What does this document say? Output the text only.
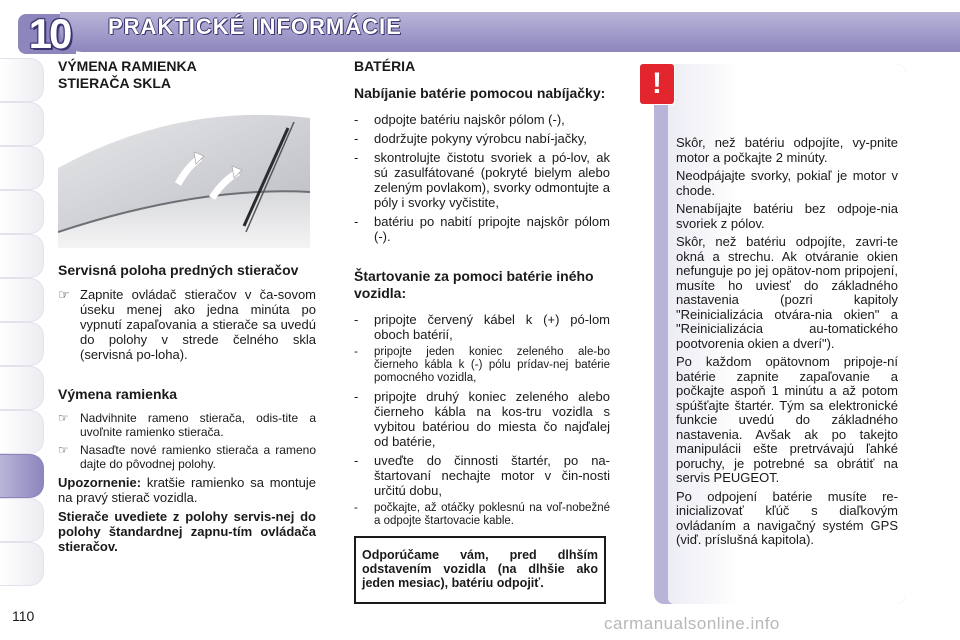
10	PRAKTICKÉ INFORMÁCIE
VÝMENA RAMIENKA
STIERAČA SKLA
Servisná poloha predných stieračov
☞ Zapnite ovládač stieračov v ča-sovom úseku menej ako jedna minúta po vypnutí zapaľovania a stierače sa uvedú do polohy v strede čelného skla (servisná po-loha).
Výmena ramienka
☞ Nadvihnite rameno stierača, odis-tite a uvoľnite ramienko stierača.
☞ Nasaďte nové ramienko stierača a rameno dajte do pôvodnej polohy.

Upozornenie: kratšie ramienko sa montuje na pravý stierač vozidla.

Stierače uvediete z polohy servis-nej do polohy štandardnej zapnu-tím ovládača stieračov.

BATÉRIA
Nabíjanie batérie pomocou nabíjačky:
- odpojte batériu najskôr pólom (-),
- dodržujte pokyny výrobcu nabí-jačky,
- skontrolujte čistotu svoriek a pó-lov, ak sú zasulfátované (pokryté bielym alebo zeleným povlakom), svorky odmontujte a póly i svorky vyčistite,
- batériu po nabití pripojte najskôr pólom (-).
Štartovanie za pomoci batérie iného vozidla:
- pripojte červený kábel k (+) pó-lom oboch batérií,
- pripojte jeden koniec zeleného ale-bo čierneho kábla k (-) pólu prídav-nej batérie pomocného vozidla,
- pripojte druhý koniec zeleného alebo čierneho kábla na kos-tru vozidla s vybitou batériou do miesta čo najďalej od batérie,
- uveďte do činnosti štartér, po na-štartovaní nechajte motor v čin-nosti určitú dobu,
- počkajte, až otáčky poklesnú na voľ-nobežné a odpojte štartovacie kable.
Odporúčame vám, pred dlhším odstavením vozidla (na dlhšie ako jeden mesiac), batériu odpojiť.
!

Skôr, než batériu odpojíte, vy-pnite motor a počkajte 2 minúty.

Neodpájajte svorky, pokiaľ je motor v chode.

Nenabíjajte batériu bez odpoje-nia svoriek z pólov.

Skôr, než batériu odpojíte, zavri-te okná a strechu. Ak otváranie okien nefunguje po jej opätov-nom pripojení, musíte ho uviesť do základného nastavenia (pozri kapitoly "Reinicializácia otvára-nia okien" a "Reinicializácia au-tomatického pootvorenia okien a dverí").

Po každom opätovnom pripoje-ní batérie zapnite zapaľovanie a počkajte aspoň 1 minútu a až potom spúšťajte štartér. Tým sa elektronické funkcie uvedú do základného nastavenia. Avšak ak po takejto manipulácii ešte pretrvávajú ľahké poruchy, je potrebné sa obrátiť na servis PEUGEOT.

Po odpojení batérie musíte re-inicializovať kľúč s diaľkovým ovládaním a navigačný systém GPS (viď. príslušná kapitola).

110	carmanualsonline.info
